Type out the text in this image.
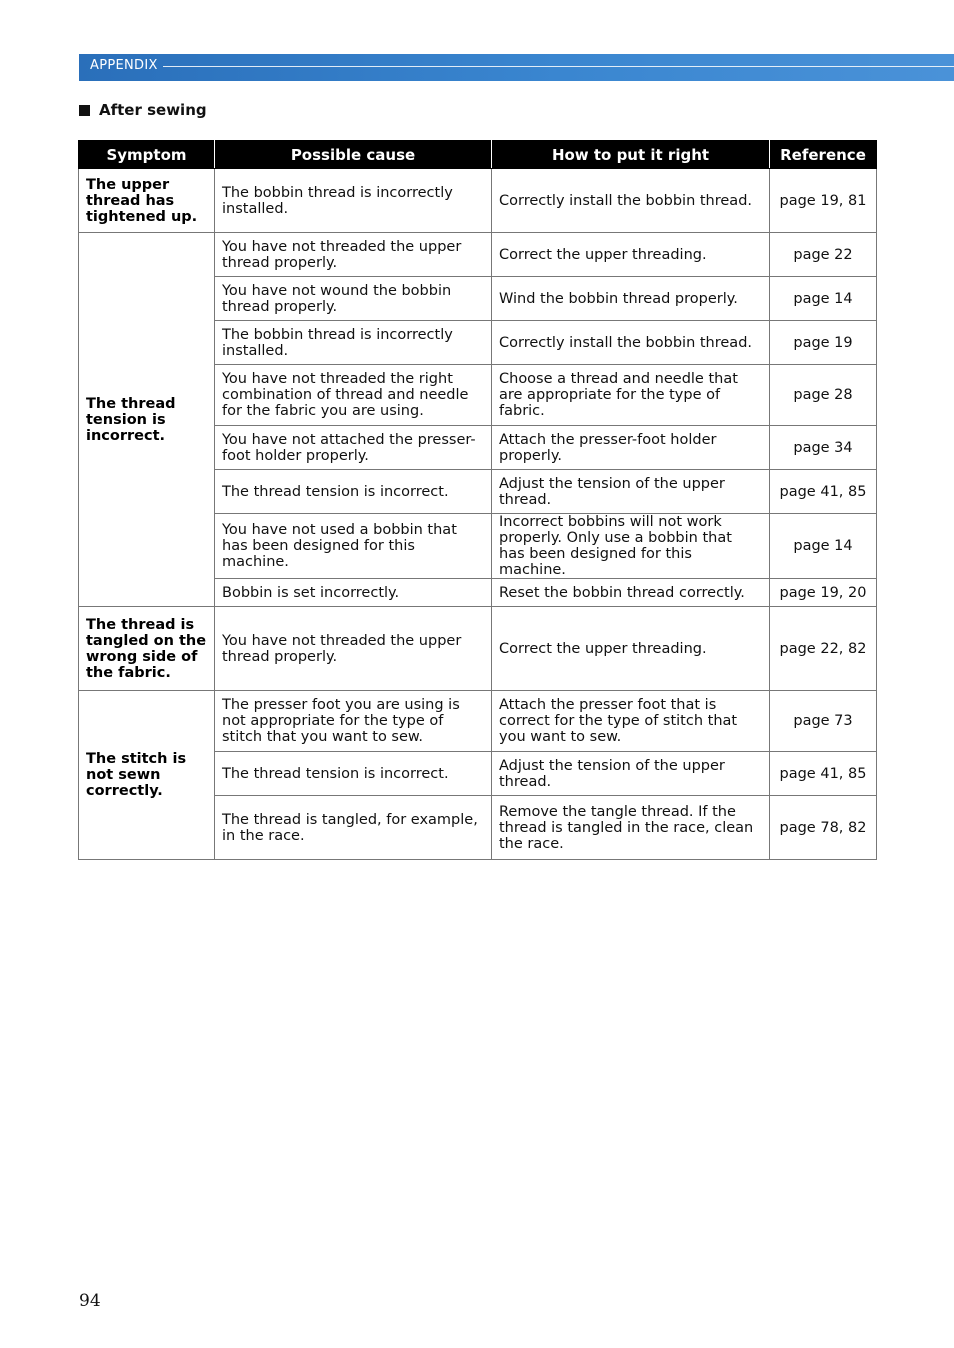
APPENDIX
After sewing
Symptom	Possible cause	How to put it right	Reference
The upper thread has tightened up.	The bobbin thread is incorrectly installed.	Correctly install the bobbin thread.	page 19, 81
The thread tension is incorrect.	You have not threaded the upper thread properly.	Correct the upper threading.	page 22
	You have not wound the bobbin thread properly.	Wind the bobbin thread properly.	page 14
	The bobbin thread is incorrectly installed.	Correctly install the bobbin thread.	page 19
	You have not threaded the right combination of thread and needle for the fabric you are using.	Choose a thread and needle that are appropriate for the type of fabric.	page 28
	You have not attached the presser-foot holder properly.	Attach the presser-foot holder properly.	page 34
	The thread tension is incorrect.	Adjust the tension of the upper thread.	page 41, 85
	You have not used a bobbin that has been designed for this machine.	Incorrect bobbins will not work properly. Only use a bobbin that has been designed for this machine.	page 14
	Bobbin is set incorrectly.	Reset the bobbin thread correctly.	page 19, 20
The thread is tangled on the wrong side of the fabric.	You have not threaded the upper thread properly.	Correct the upper threading.	page 22, 82
The stitch is not sewn correctly.	The presser foot you are using is not appropriate for the type of stitch that you want to sew.	Attach the presser foot that is correct for the type of stitch that you want to sew.	page 73
	The thread tension is incorrect.	Adjust the tension of the upper thread.	page 41, 85
	The thread is tangled, for example, in the race.	Remove the tangle thread. If the thread is tangled in the race, clean the race.	page 78, 82
94
